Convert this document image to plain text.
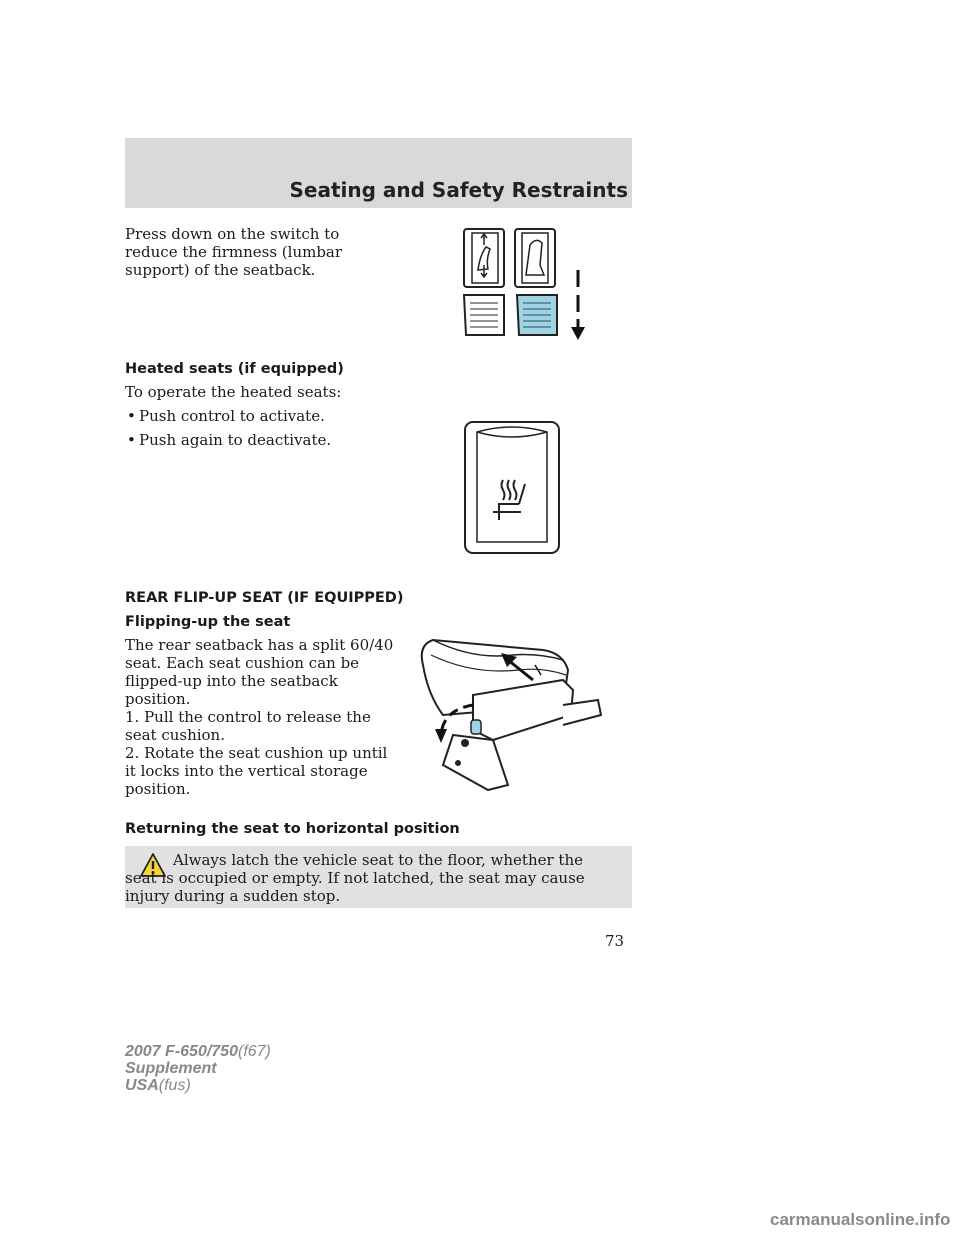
Seating and Safety Restraints

Press down on the switch to reduce the firmness (lumbar support) of the seatback.

Heated seats (if equipped)

To operate the heated seats:

• Push control to activate.
• Push again to deactivate.
REAR FLIP-UP SEAT (IF EQUIPPED)
Flipping-up the seat

The rear seatback has a split 60/40 seat. Each seat cushion can be flipped-up into the seatback position.

1. Pull the control to release the seat cushion.

2. Rotate the seat cushion up until it locks into the vertical storage position.

Returning the seat to horizontal position

Always latch the vehicle seat to the floor, whether the seat is occupied or empty. If not latched, the seat may cause injury during a sudden stop.

73

2007 F-650/750(f67)
Supplement
USA(fus)
carmanualsonline.info
